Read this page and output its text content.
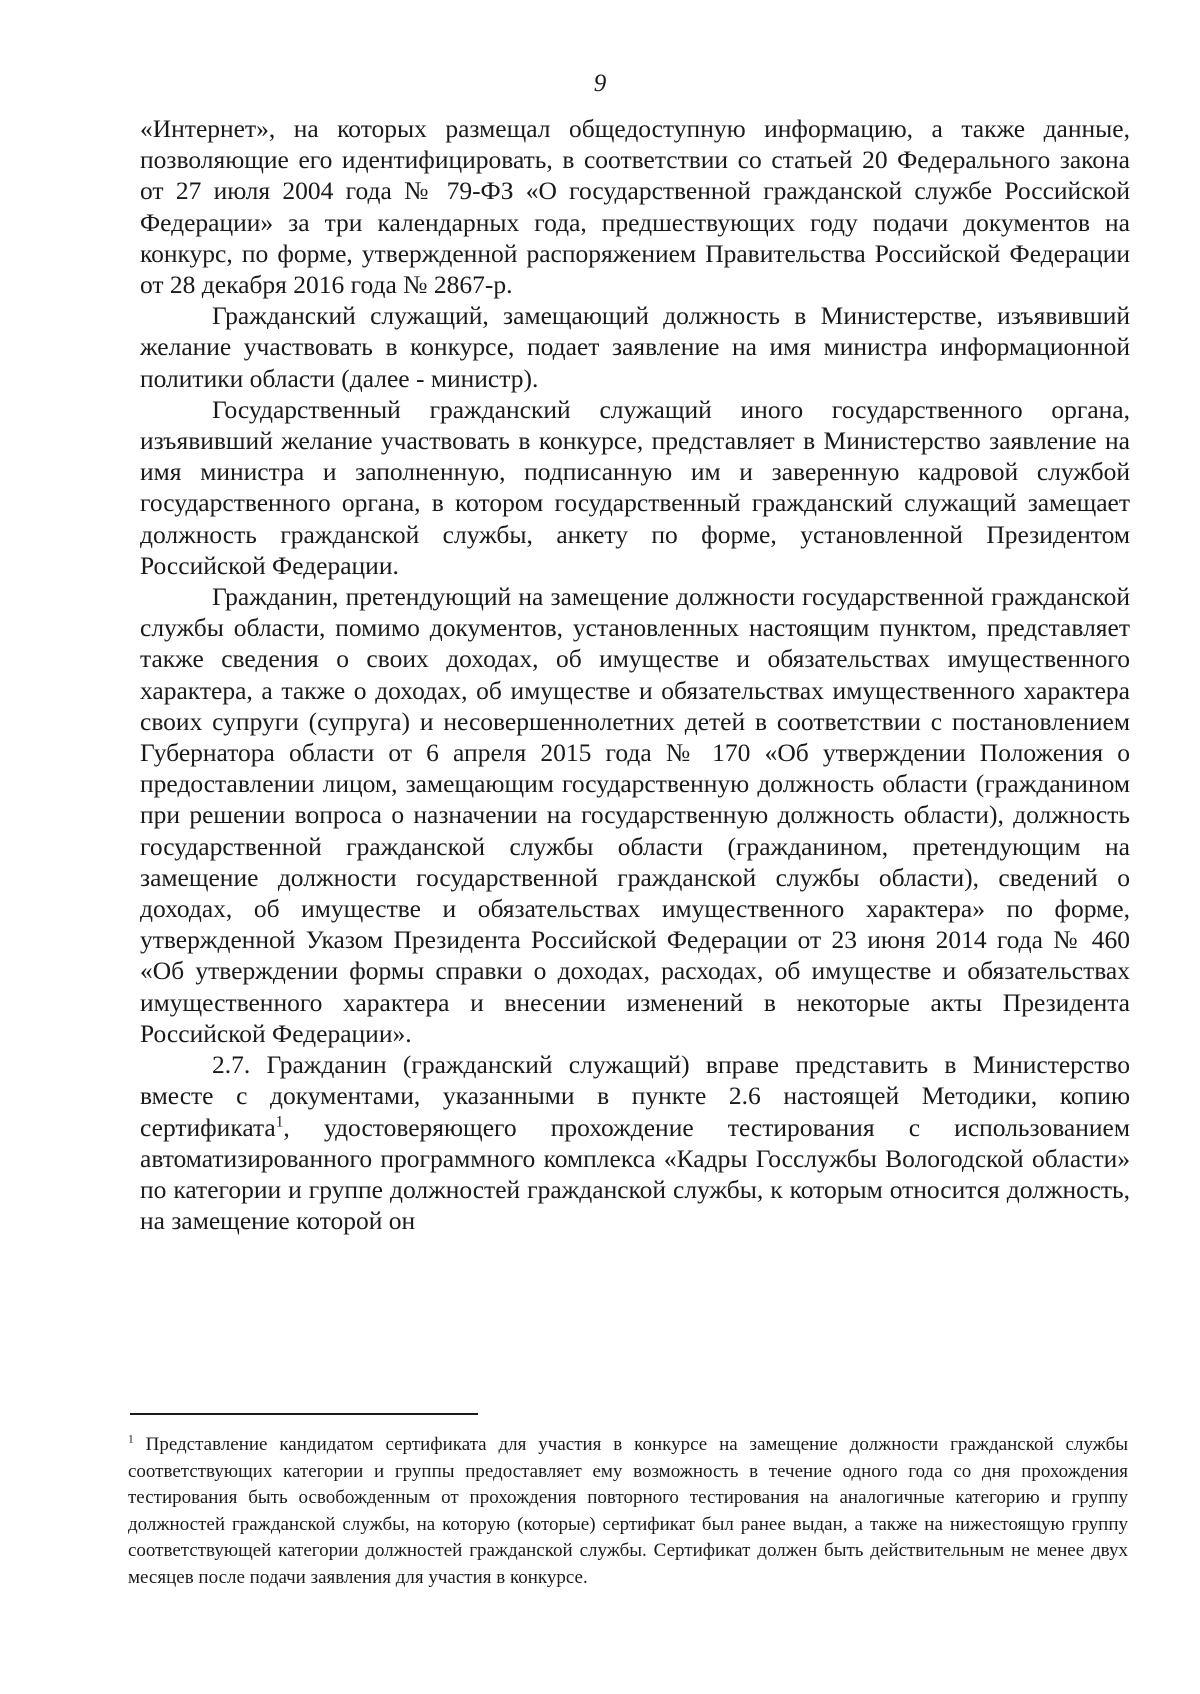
9

«Интернет», на которых размещал общедоступную информацию, а также данные, позволяющие его идентифицировать, в соответствии со статьей 20 Федерального закона от 27 июля 2004 года № 79-ФЗ «О государственной гражданской службе Российской Федерации» за три календарных года, предшествующих году подачи документов на конкурс, по форме, утвержденной распоряжением Правительства Российской Федерации от 28 декабря 2016 года № 2867-р.

Гражданский служащий, замещающий должность в Министерстве, изъявивший желание участвовать в конкурсе, подает заявление на имя министра информационной политики области (далее - министр).

Государственный гражданский служащий иного государственного органа, изъявивший желание участвовать в конкурсе, представляет в Министерство заявление на имя министра и заполненную, подписанную им и заверенную кадровой службой государственного органа, в котором государственный гражданский служащий замещает должность гражданской службы, анкету по форме, установленной Президентом Российской Федерации.

Гражданин, претендующий на замещение должности государственной гражданской службы области, помимо документов, установленных настоящим пунктом, представляет также сведения о своих доходах, об имуществе и обязательствах имущественного характера, а также о доходах, об имуществе и обязательствах имущественного характера своих супруги (супруга) и несовершеннолетних детей в соответствии с постановлением Губернатора области от 6 апреля 2015 года № 170 «Об утверждении Положения о предоставлении лицом, замещающим государственную должность области (гражданином при решении вопроса о назначении на государственную должность области), должность государственной гражданской службы области (гражданином, претендующим на замещение должности государственной гражданской службы области), сведений о доходах, об имуществе и обязательствах имущественного характера» по форме, утвержденной Указом Президента Российской Федерации от 23 июня 2014 года № 460 «Об утверждении формы справки о доходах, расходах, об имуществе и обязательствах имущественного характера и внесении изменений в некоторые акты Президента Российской Федерации».

2.7. Гражданин (гражданский служащий) вправе представить в Министерство вместе с документами, указанными в пункте 2.6 настоящей Методики, копию сертификата$^1$, удостоверяющего прохождение тестирования с использованием автоматизированного программного комплекса «Кадры Госслужбы Вологодской области» по категории и группе должностей гражданской службы, к которым относится должность, на замещение которой он

$^1$ Представление кандидатом сертификата для участия в конкурсе на замещение должности гражданской службы соответствующих категории и группы предоставляет ему возможность в течение одного года со дня прохождения тестирования быть освобожденным от прохождения повторного тестирования на аналогичные категорию и группу должностей гражданской службы, на которую (которые) сертификат был ранее выдан, а также на нижестоящую группу соответствующей категории должностей гражданской службы. Сертификат должен быть действительным не менее двух месяцев после подачи заявления для участия в конкурсе.
